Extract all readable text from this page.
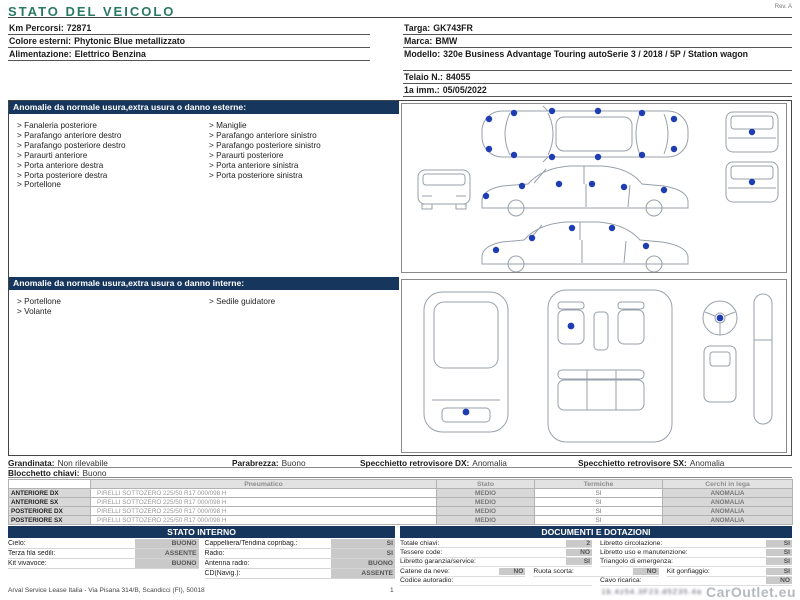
STATO DEL VEICOLO	Rev. A
Km Percorsi: 72871
Colore esterni: Phytonic Blue metallizzato
Alimentazione: Elettrico Benzina
Targa: GK743FR
Marca: BMW
Modello: 320e Business Advantage Touring autoSerie 3 / 2018 / 5P / Station wagon
Telaio N.: 84055
1a imm.: 05/05/2022
Anomalie da normale usura,extra usura o danno esterne:
> Fanaleria posteriore
> Parafango anteriore destro
> Parafango posteriore destro
> Paraurti anteriore
> Porta anteriore destra
> Porta posteriore destra
> Portellone
> Maniglie
> Parafango anteriore sinistro
> Parafango posteriore sinistro
> Paraurti posteriore
> Porta anteriore sinistra
> Porta posteriore sinistra
Anomalie da normale usura,extra usura o danno interne:
> Portellone
> Volante
> Sedile guidatore
Grandinata: Non rilevabile	Parabrezza: Buono	Specchietto retrovisore DX: Anomalia	Specchietto retrovisore SX: Anomalia
Blocchetto chiavi: Buono
	Pneumatico	Stato	Termiche	Cerchi in lega
ANTERIORE DX	PIRELLI SOTTOZERO 225/50 R17 000/098 H	MEDIO	SI	ANOMALIA
ANTERIORE SX	PIRELLI SOTTOZERO 225/50 R17 000/098 H	MEDIO	SI	ANOMALIA
POSTERIORE DX	PIRELLI SOTTOZERO 225/50 R17 000/098 H	MEDIO	SI	ANOMALIA
POSTERIORE SX	PIRELLI SOTTOZERO 225/50 R17 000/098 H	MEDIO	SI	ANOMALIA
STATO INTERNO
Cielo:	BUONO
Terza fila sedili:	ASSENTE
Kit vivavoce:	BUONO
Cappelliera/Tendina copribag.:	SI
Radio:	SI
Antenna radio:	BUONO
CD(Navig.):	ASSENTE
DOCUMENTI E DOTAZIONI
Totale chiavi:	2 Libretto circolazione:	SI
Tessere code:	NO Libretto uso e manutenzione:	SI
Libretto garanzia/service:	SI Triangolo di emergenza:	SI
Catene da neve:	NO Ruota scorta:	NO Kit gonfiaggio:	SI
Codice autoradio:	Cavo ricarica:	NO
Arval Service Lease Italia - Via Pisana 314/B, Scandicci (FI), 50018	1	1b.4z54.3F23.d5Z35.4a CarOutlet.eu
